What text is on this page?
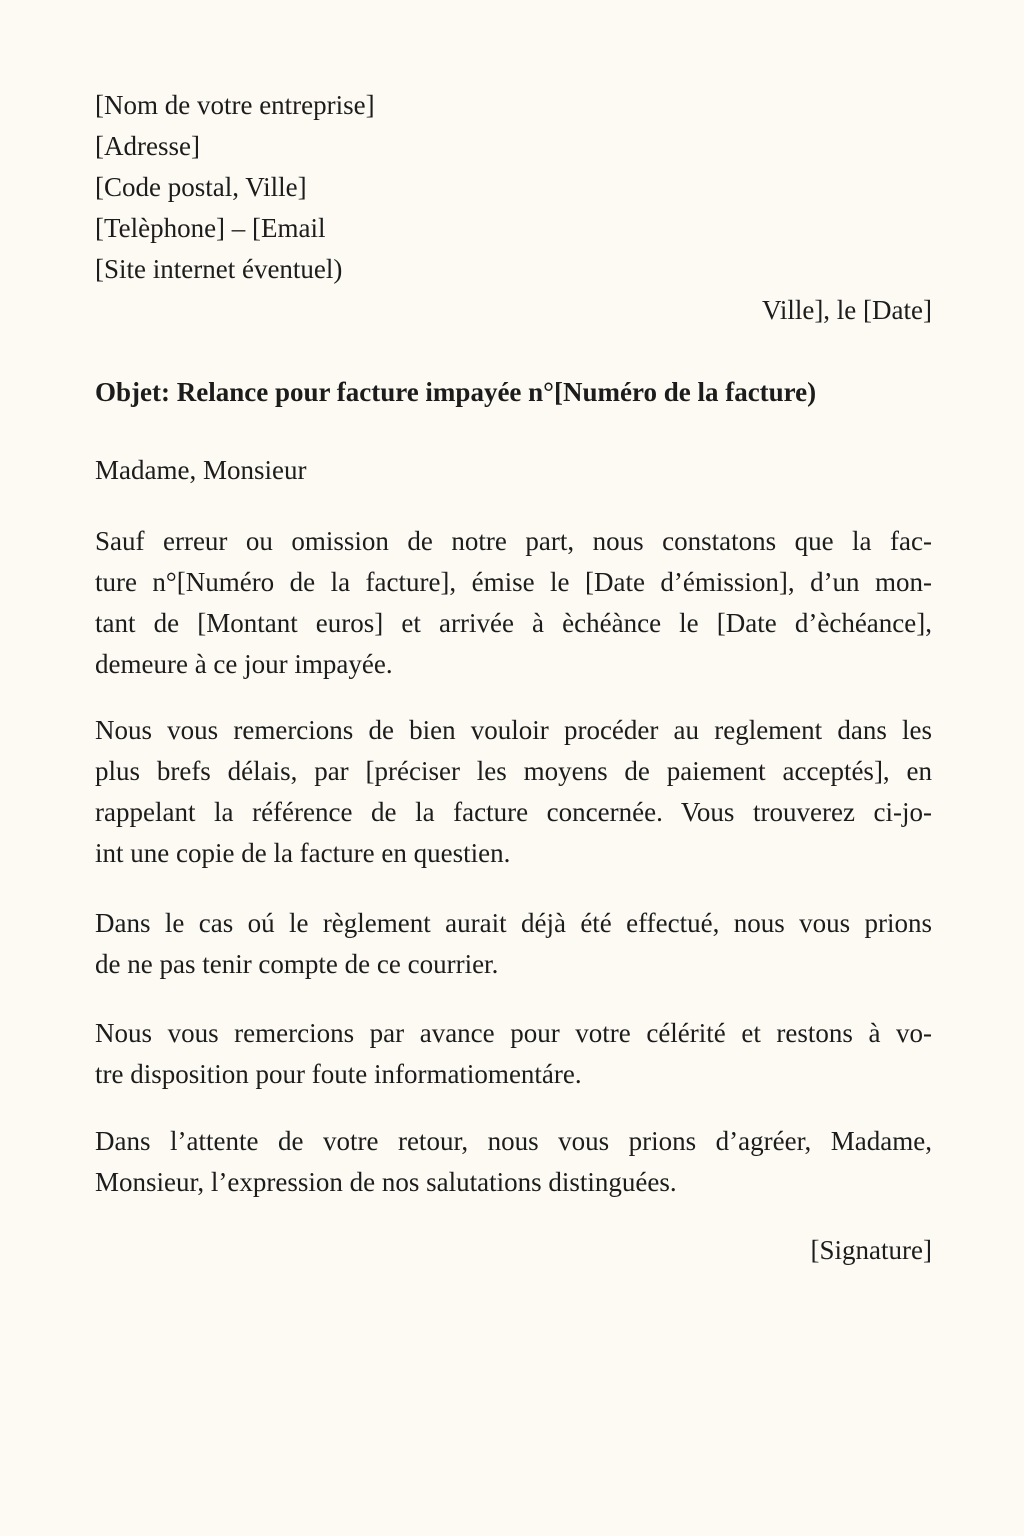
[Nom de votre entreprise]
[Adresse]
[Code postal, Ville]
[Telèphone] – [Email
[Site internet éventuel)
Ville], le [Date]
Objet: Relance pour facture impayée n°[Numéro de la facture)
Madame, Monsieur
Sauf erreur ou omission de notre part, nous constatons que la fac-
ture n°[Numéro de la facture], émise le [Date d’émission], d’un mon-
tant de [Montant euros] et arrivée à èchéànce le [Date d’èchéance],
demeure à ce jour impayée.
Nous vous remercions de bien vouloir procéder au reglement dans les
plus brefs délais, par [préciser les moyens de paiement acceptés], en
rappelant la référence de la facture concernée. Vous trouverez ci-jo-
int une copie de la facture en questien.
Dans le cas oú le règlement aurait déjà été effectué, nous vous prions
de ne pas tenir compte de ce courrier.
Nous vous remercions par avance pour votre célérité et restons à vo-
tre disposition pour foute informatiomentáre.
Dans l’attente de votre retour, nous vous prions d’agréer, Madame,
Monsieur, l’expression de nos salutations distinguées.
[Signature]
